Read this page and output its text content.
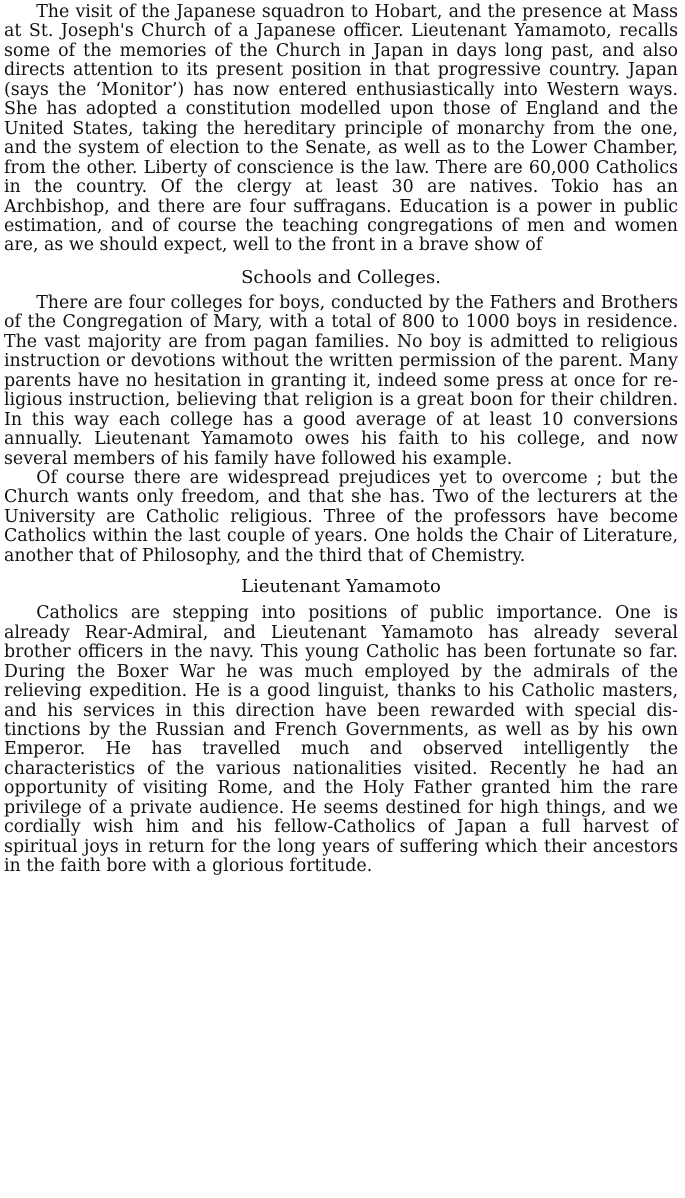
The visit of the Japanese squadron to Hobart, and the presence at Mass at St. Joseph's Church of a Japanese officer. Lieutenant Yamamoto, recalls some of the memories of the Church in Japan in days long past, and also directs attention to its present position in that progressive country. Japan (says the ‘Monitor’) has now entered enthusiastically into Western ways. She has adopted a constitution modelled upon those of England and the United States, taking the hereditary principle of monarchy from the one, and the system of election to the Senate, as well as to the Lower Chamber, from the other. Liberty of conscience is the law. There are 60,000 Catholics in the country. Of the clergy at least 30 are natives. Tokio has an Archbishop, and there are four suffragans. Education is a power in public estimation, and of course the teaching congregations of men and women are, as we should expect, well to the front in a brave show of

Schools and Colleges.

There are four colleges for boys, conducted by the Fathers and Brothers of the Congregation of Mary, with a total of 800 to 1000 boys in residence. The vast majority are from pagan families. No boy is admitted to religious instruction or devotions without the written permission of the parent. Many parents have no hesitation in granting it, indeed some press at once for religious instruction, believing that religion is a great boon for their children. In this way each college has a good average of at least 10 conversions annually. Lieutenant Yamamoto owes his faith to his college, and now several members of his family have followed his example.

Of course there are widespread prejudices yet to overcome ; but the Church wants only freedom, and that she has. Two of the lecturers at the University are Catholic religious. Three of the professors have become Catholics within the last couple of years. One holds the Chair of Literature, another that of Philosophy, and the third that of Chemistry.

Lieutenant Yamamoto

Catholics are stepping into positions of public importance. One is already Rear-Admiral, and Lieutenant Yamamoto has already several brother officers in the navy. This young Catholic has been fortunate so far. During the Boxer War he was much employed by the admirals of the relieving expedition. He is a good linguist, thanks to his Catholic masters, and his services in this direction have been rewarded with special distinctions by the Russian and French Governments, as well as by his own Emperor. He has travelled much and observed intelligently the characteristics of the various nationalities visited. Recently he had an opportunity of visiting Rome, and the Holy Father granted him the rare privilege of a private audience. He seems destined for high things, and we cordially wish him and his fellow-Catholics of Japan a full harvest of spiritual joys in return for the long years of suffering which their ancestors in the faith bore with a glorious fortitude.
